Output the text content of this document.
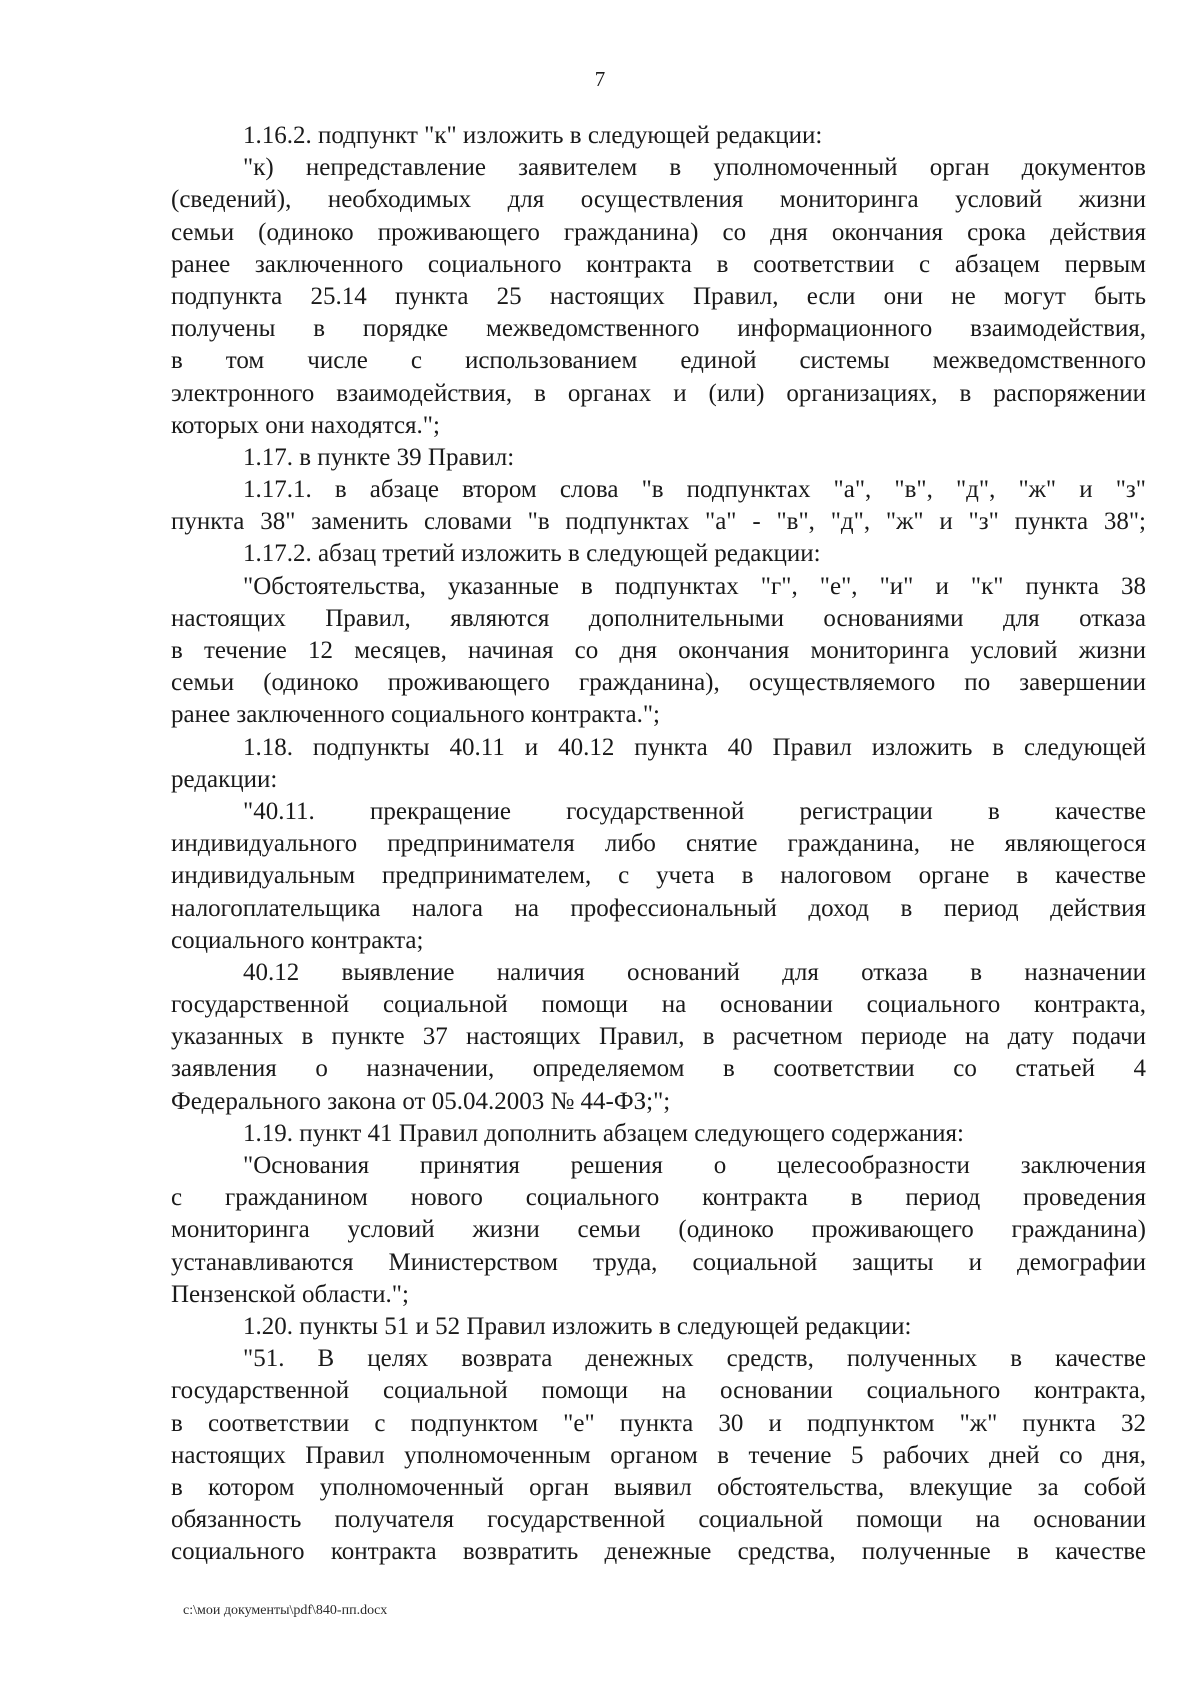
7
1.16.2. подпункт "к" изложить в следующей редакции:
"к) непредставление заявителем в уполномоченный орган документов
(сведений), необходимых для осуществления мониторинга условий жизни
семьи (одиноко проживающего гражданина) со дня окончания срока действия
ранее заключенного социального контракта в соответствии с абзацем первым
подпункта 25.14 пункта 25 настоящих Правил, если они не могут быть
получены в порядке межведомственного информационного взаимодействия,
в том числе с использованием единой системы межведомственного
электронного взаимодействия, в органах и (или) организациях, в распоряжении
которых они находятся.";
1.17. в пункте 39 Правил:
1.17.1. в абзаце втором слова "в подпунктах "а", "в", "д", "ж" и "з"
пункта 38" заменить словами "в подпунктах "а" - "в", "д", "ж" и "з" пункта 38";
1.17.2. абзац третий изложить в следующей редакции:
"Обстоятельства, указанные в подпунктах "г", "е", "и" и "к" пункта 38
настоящих Правил, являются дополнительными основаниями для отказа
в течение 12 месяцев, начиная со дня окончания мониторинга условий жизни
семьи (одиноко проживающего гражданина), осуществляемого по завершении
ранее заключенного социального контракта.";
1.18. подпункты 40.11 и 40.12 пункта 40 Правил изложить в следующей
редакции:
"40.11. прекращение государственной регистрации в качестве
индивидуального предпринимателя либо снятие гражданина, не являющегося
индивидуальным предпринимателем, с учета в налоговом органе в качестве
налогоплательщика налога на профессиональный доход в период действия
социального контракта;
40.12 выявление наличия оснований для отказа в назначении
государственной социальной помощи на основании социального контракта,
указанных в пункте 37 настоящих Правил, в расчетном периоде на дату подачи
заявления о назначении, определяемом в соответствии со статьей 4
Федерального закона от 05.04.2003 № 44-ФЗ;";
1.19. пункт 41 Правил дополнить абзацем следующего содержания:
"Основания принятия решения о целесообразности заключения
с гражданином нового социального контракта в период проведения
мониторинга условий жизни семьи (одиноко проживающего гражданина)
устанавливаются Министерством труда, социальной защиты и демографии
Пензенской области.";
1.20. пункты 51 и 52 Правил изложить в следующей редакции:
"51. В целях возврата денежных средств, полученных в качестве
государственной социальной помощи на основании социального контракта,
в соответствии с подпунктом "е" пункта 30 и подпунктом "ж" пункта 32
настоящих Правил уполномоченным органом в течение 5 рабочих дней со дня,
в котором уполномоченный орган выявил обстоятельства, влекущие за собой
обязанность получателя государственной социальной помощи на основании
социального контракта возвратить денежные средства, полученные в качестве
c:\мои документы\pdf\840-пп.docx
